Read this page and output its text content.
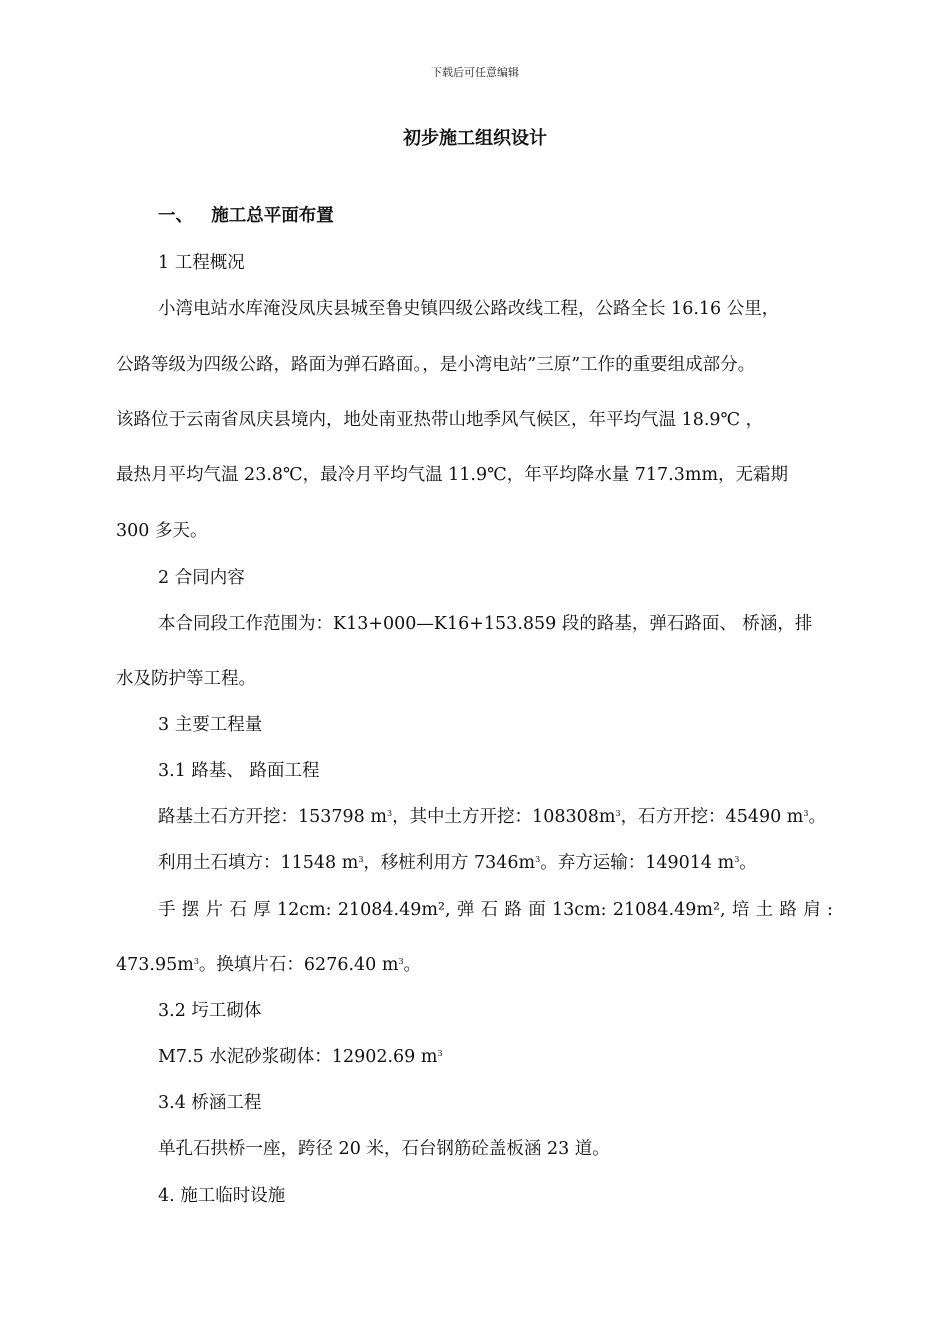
下载后可任意编辑
初步施工组织设计
一、 施工总平面布置
1 工程概况
小湾电站水库淹没凤庆县城至鲁史镇四级公路改线工程，公路全长 16.16 公里，
公路等级为四级公路，路面为弹石路面。，是小湾电站”三原”工作的重要组成部分。
该路位于云南省凤庆县境内，地处南亚热带山地季风气候区，年平均气温 18.9℃ ，
最热月平均气温 23.8℃，最冷月平均气温 11.9℃，年平均降水量 717.3mm，无霜期
300 多天。
2 合同内容
本合同段工作范围为：K13+000—K16+153.859 段的路基，弹石路面、 桥涵，排
水及防护等工程。
3 主要工程量
3.1 路基、 路面工程
路基土石方开挖：153798 $m^3$，其中土方开挖：$108308m^3$，石方开挖：45490 $m^3$。
利用土石填方：11548 $m^3$，移桩利用方 $7346m^3$。弃方运输：149014 $m^3$。
手 摆 片 石 厚 12cm: 21084.49m², 弹 石 路 面 13cm: 21084.49m², 培 土 路 肩 :
$473.95m^3$。换填片石：6276.40 $m^3$。
3.2 圬工砌体
M7.5 水泥砂浆砌体：12902.69 $m^3$
3.4 桥涵工程
单孔石拱桥一座，跨径 20 米，石台钢筋砼盖板涵 23 道。
4. 施工临时设施
